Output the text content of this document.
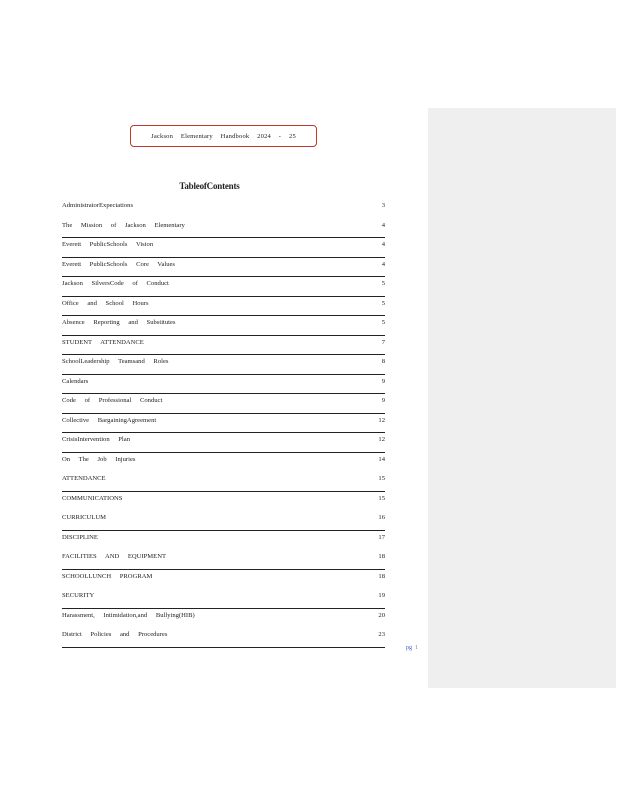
Jackson Elementary Handbook 2024 - 25
TableofContents
AdministratorExpectations	3
The Mission of Jackson Elementary	4
Everett PublicSchools Vision	4
Everett PublicSchools Core Values	4
Jackson SilversCode of Conduct	5
Office and School Hours	5
Absence Reporting and Substitutes	5
STUDENT ATTENDANCE	7
SchoolLeadership Teamsand Roles	8
Calendars	9
Code of Professional Conduct	9
Collective BargainingAgreement	12
CrisisIntervention Plan	12
On The Job Injuries	14
ATTENDANCE	15
COMMUNICATIONS	15
CURRICULUM	16
DISCIPLINE	17
FACILITIES AND EQUIPMENT	18
SCHOOLLUNCH PROGRAM	18
SECURITY	19
Harassment, Intimidation,and Bullying(HIB)	20
District Policies and Procedures	23
pg 1
